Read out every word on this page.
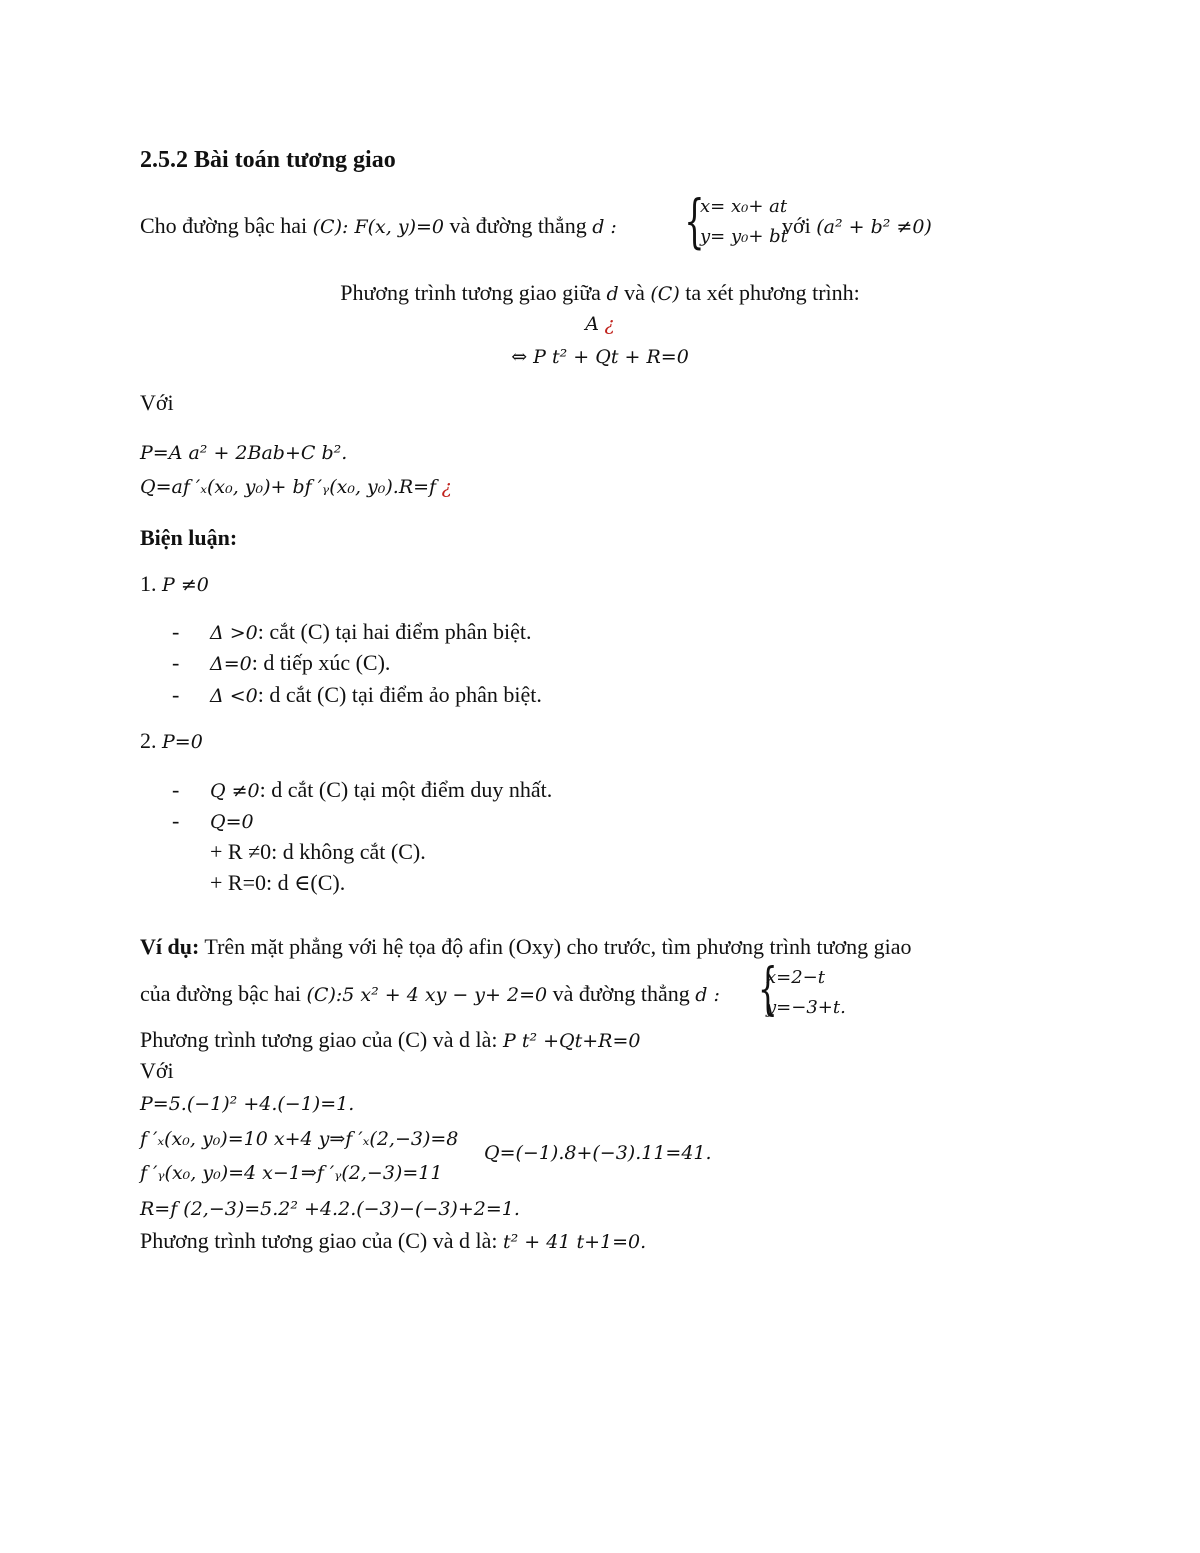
2.5.2 Bài toán tương giao
Cho đường bậc hai (C): F(x, y)=0 và đường thẳng d : {
x= x₀+ at
y= y₀+ bt
với (a² + b² ≠0)
Phương trình tương giao giữa d và (C) ta xét phương trình:
A ¿
⇔ P t² + Qt + R=0
Với
P=A a² + 2Bab+C b².
Q=af ′ₓ(x₀, y₀)+ bf ′ᵧ(x₀, y₀).R=f ¿
Biện luận:
1. P ≠0
- Δ >0: cắt (C) tại hai điểm phân biệt.
- Δ=0: d tiếp xúc (C).
- Δ <0: d cắt (C) tại điểm ảo phân biệt.
2. P=0
- Q ≠0: d cắt (C) tại một điểm duy nhất.
- Q=0
+ R ≠0: d không cắt (C).
+ R=0: d ∈(C).
Ví dụ: Trên mặt phẳng với hệ tọa độ afin (Oxy) cho trước, tìm phương trình tương giao
của đường bậc hai (C):5 x² + 4 xy − y+ 2=0 và đường thẳng d : {
x=2−t
y=−3+t.
Phương trình tương giao của (C) và d là: P t² +Qt+R=0
Với
P=5.(−1)² +4.(−1)=1.
f ′ₓ(x₀, y₀)=10 x+4 y⇒f ′ₓ(2,−3)=8
Q=(−1).8+(−3).11=41.
f ′ᵧ(x₀, y₀)=4 x−1⇒f ′ᵧ(2,−3)=11
R=f (2,−3)=5.2² +4.2.(−3)−(−3)+2=1.
Phương trình tương giao của (C) và d là: t² + 41 t+1=0.
